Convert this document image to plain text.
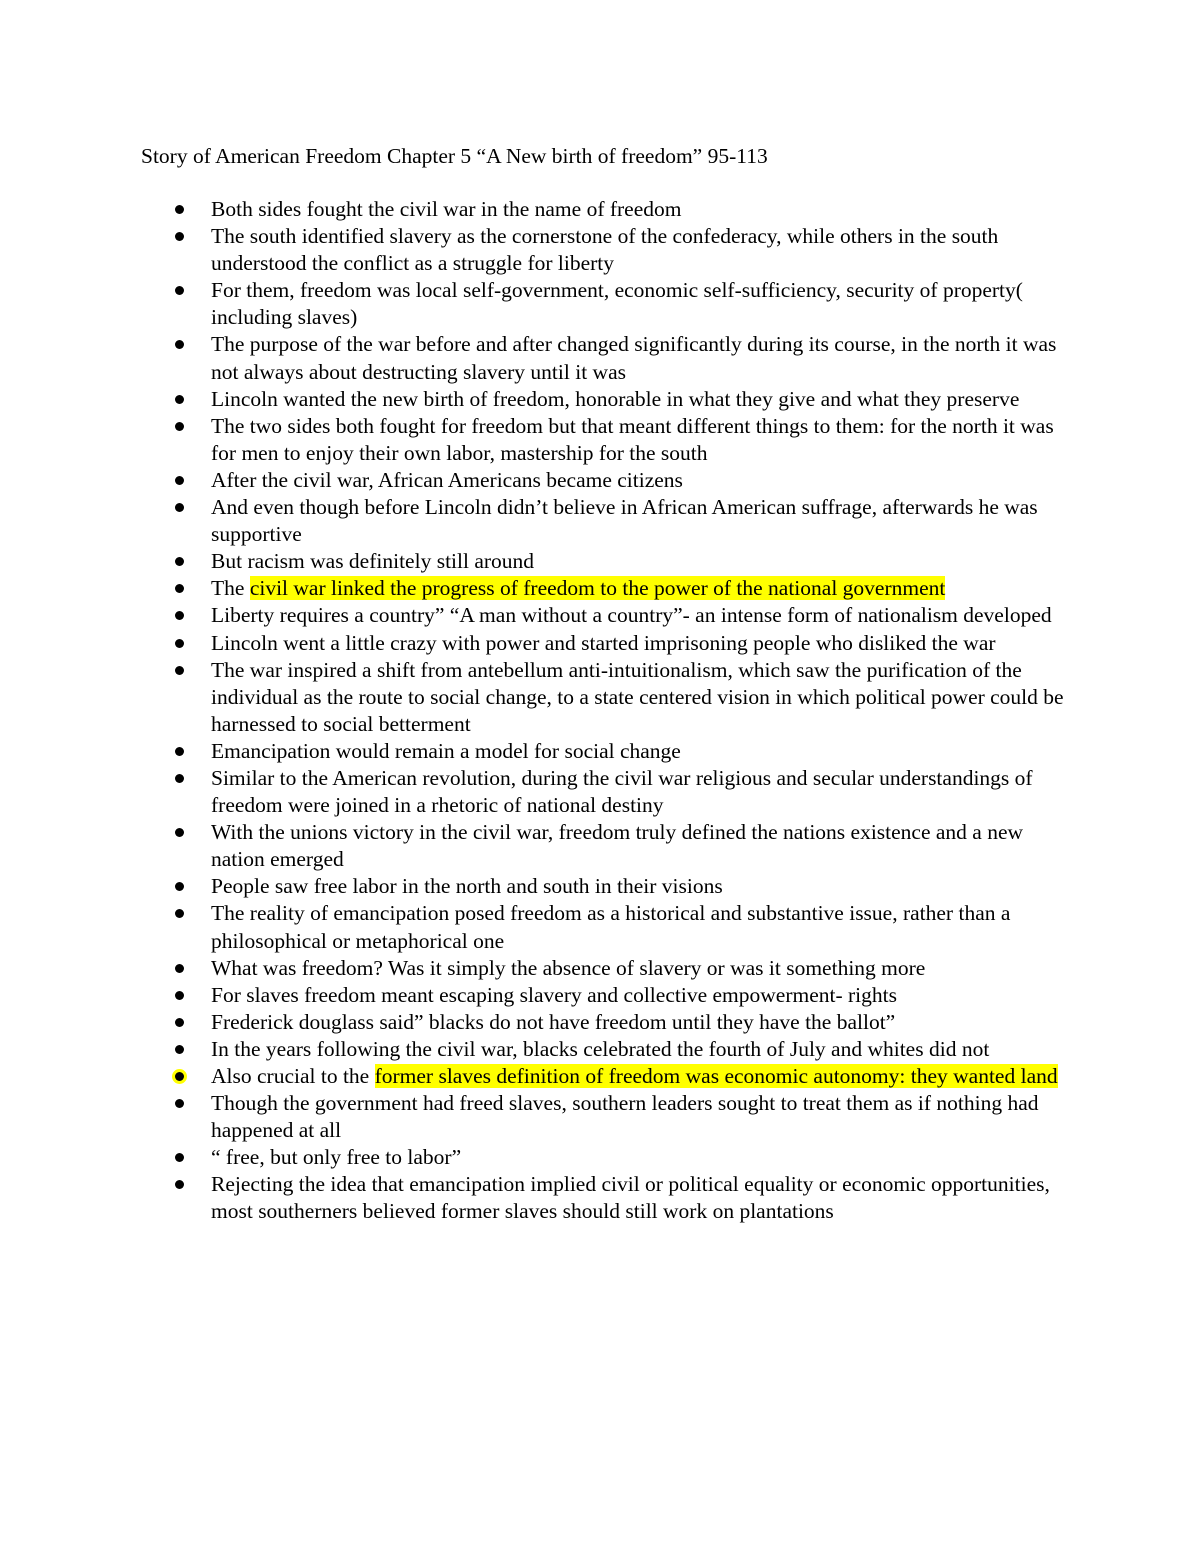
Story of American Freedom Chapter 5 “A New birth of freedom” 95-113
Both sides fought the civil war in the name of freedom
The south identified slavery as the cornerstone of the confederacy, while others in the south understood the conflict as a struggle for liberty
For them, freedom was local self-government, economic self-sufficiency, security of property( including slaves)
The purpose of the war before and after changed significantly during its course, in the north it was not always about destructing slavery until it was
Lincoln wanted the new birth of freedom, honorable in what they give and what they preserve
The two sides both fought for freedom but that meant different things to them: for the north it was for men to enjoy their own labor, mastership for the south
After the civil war, African Americans became citizens
And even though before Lincoln didn’t believe in African American suffrage, afterwards he was supportive
But racism was definitely still around
The civil war linked the progress of freedom to the power of the national government
Liberty requires a country” “A man without a country”- an intense form of nationalism developed
Lincoln went a little crazy with power and started imprisoning people who disliked the war
The war inspired a shift from antebellum anti-intuitionalism, which saw the purification of the individual as the route to social change, to a state centered vision in which political power could be harnessed to social betterment
Emancipation would remain a model for social change
Similar to the American revolution, during the civil war religious and secular understandings of freedom were joined in a rhetoric of national destiny
With the unions victory in the civil war, freedom truly defined the nations existence and a new nation emerged
People saw free labor in the north and south in their visions
The reality of emancipation posed freedom as a historical and substantive issue, rather than a philosophical or metaphorical one
What was freedom? Was it simply the absence of slavery or was it something more
For slaves freedom meant escaping slavery and collective empowerment- rights
Frederick douglass said” blacks do not have freedom until they have the ballot”
In the years following the civil war, blacks celebrated the fourth of July and whites did not
Also crucial to the former slaves definition of freedom was economic autonomy: they wanted land
Though the government had freed slaves, southern leaders sought to treat them as if nothing had happened at all
“ free, but only free to labor”
Rejecting the idea that emancipation implied civil or political equality or economic opportunities, most southerners believed former slaves should still work on plantations
